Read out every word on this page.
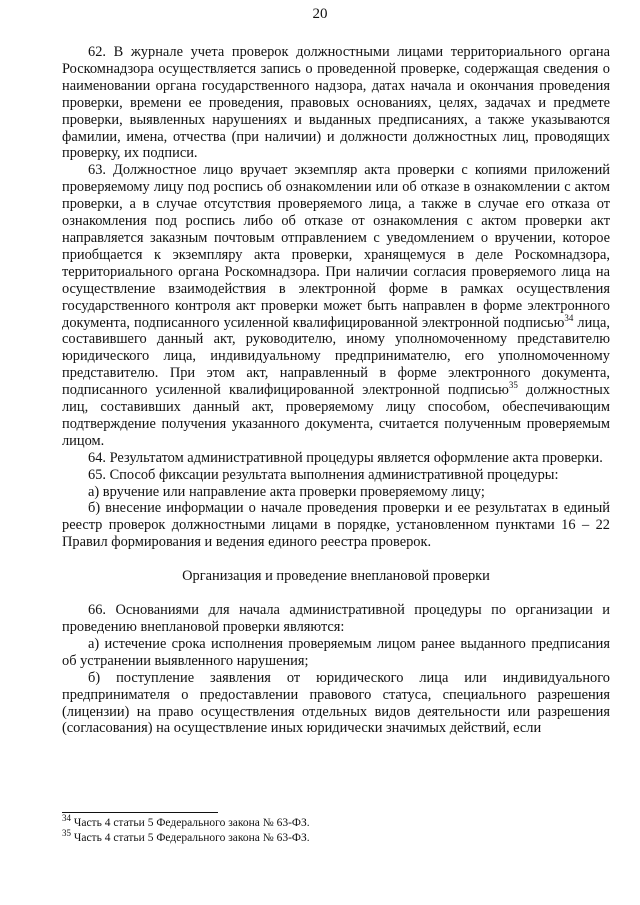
20

62. В журнале учета проверок должностными лицами территориального органа Роскомнадзора осуществляется запись о проведенной проверке, содержащая сведения о наименовании органа государственного надзора, датах начала и окончания проведения проверки, времени ее проведения, правовых основаниях, целях, задачах и предмете проверки, выявленных нарушениях и выданных предписаниях, а также указываются фамилии, имена, отчества (при наличии) и должности должностных лиц, проводящих проверку, их подписи.

63. Должностное лицо вручает экземпляр акта проверки с копиями приложений проверяемому лицу под роспись об ознакомлении или об отказе в ознакомлении с актом проверки, а в случае отсутствия проверяемого лица, а также в случае его отказа от ознакомления под роспись либо об отказе от ознакомления с актом проверки акт направляется заказным почтовым отправлением с уведомлением о вручении, которое приобщается к экземпляру акта проверки, хранящемуся в деле Роскомнадзора, территориального органа Роскомнадзора. При наличии согласия проверяемого лица на осуществление взаимодействия в электронной форме в рамках осуществления государственного контроля акт проверки может быть направлен в форме электронного документа, подписанного усиленной квалифицированной электронной подписью$^{34}$ лица, составившего данный акт, руководителю, иному уполномоченному представителю юридического лица, индивидуальному предпринимателю, его уполномоченному представителю. При этом акт, направленный в форме электронного документа, подписанного усиленной квалифицированной электронной подписью$^{35}$ должностных лиц, составивших данный акт, проверяемому лицу способом, обеспечивающим подтверждение получения указанного документа, считается полученным проверяемым лицом.

64. Результатом административной процедуры является оформление акта проверки.

65. Способ фиксации результата выполнения административной процедуры:

а) вручение или направление акта проверки проверяемому лицу;

б) внесение информации о начале проведения проверки и ее результатах в единый реестр проверок должностными лицами в порядке, установленном пунктами 16 – 22 Правил формирования и ведения единого реестра проверок.

Организация и проведение внеплановой проверки

66. Основаниями для начала административной процедуры по организации и проведению внеплановой проверки являются:

а) истечение срока исполнения проверяемым лицом ранее выданного предписания об устранении выявленного нарушения;

б) поступление заявления от юридического лица или индивидуального предпринимателя о предоставлении правового статуса, специального разрешения (лицензии) на право осуществления отдельных видов деятельности или разрешения (согласования) на осуществление иных юридически значимых действий, если

$^{34}$ Часть 4 статьи 5 Федерального закона № 63-ФЗ.

$^{35}$ Часть 4 статьи 5 Федерального закона № 63-ФЗ.
